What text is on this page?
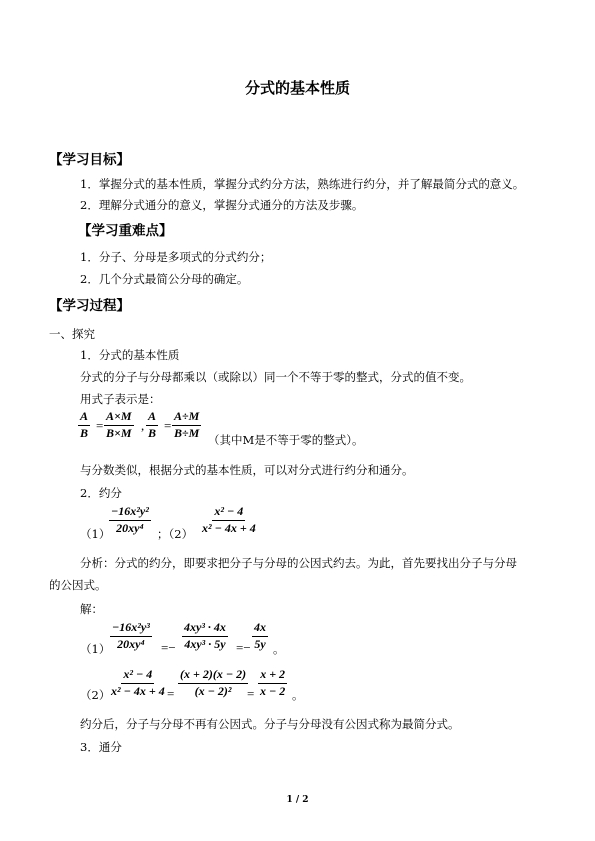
分式的基本性质
【学习目标】
1．掌握分式的基本性质，掌握分式约分方法，熟练进行约分，并了解最简分式的意义。
2．理解分式通分的意义，掌握分式通分的方法及步骤。
【学习重难点】
1．分子、分母是多项式的分式约分；
2．几个分式最简公分母的确定。
【学习过程】
一、探究
1．分式的基本性质
分式的分子与分母都乘以（或除以）同一个不等于零的整式，分式的值不变。
用式子表示是：
$\frac{A}{B} = \frac{A\times M}{B\times M}$ , $\frac{A}{B} = \frac{A\div M}{B\div M}$ （其中M是不等于零的整式）。
与分数类似，根据分式的基本性质，可以对分式进行约分和通分。
2．约分
（1）
$\frac{\text{−16x²y²}}{\text{20xy⁴}}$ ；$(2) \frac{\text{x² − 4}}{\text{x² − 4x + 4}}$
分析：分式的约分，即要求把分子与分母的公因式约去。为此，首先要找出分子与分母
的公因式。
解：
$(1) \frac{\text{−16x²y³}}{\text{20xy⁴}} =- \frac{\text{4xy³ · 4x}}{\text{4xy³ · 5y}} =- \frac{4x}{5y}$ 。
（2）
$\frac{\text{x² − 4}}{\text{x² − 4x + 4}} = \frac{(x + 2)(x - 2)}{\text{(x − 2)²}}$
= $\frac{x + 2}{x - 2}$ 。
约分后，分子与分母不再有公因式。分子与分母没有公因式称为最简分式。
3．通分
1 / 2
